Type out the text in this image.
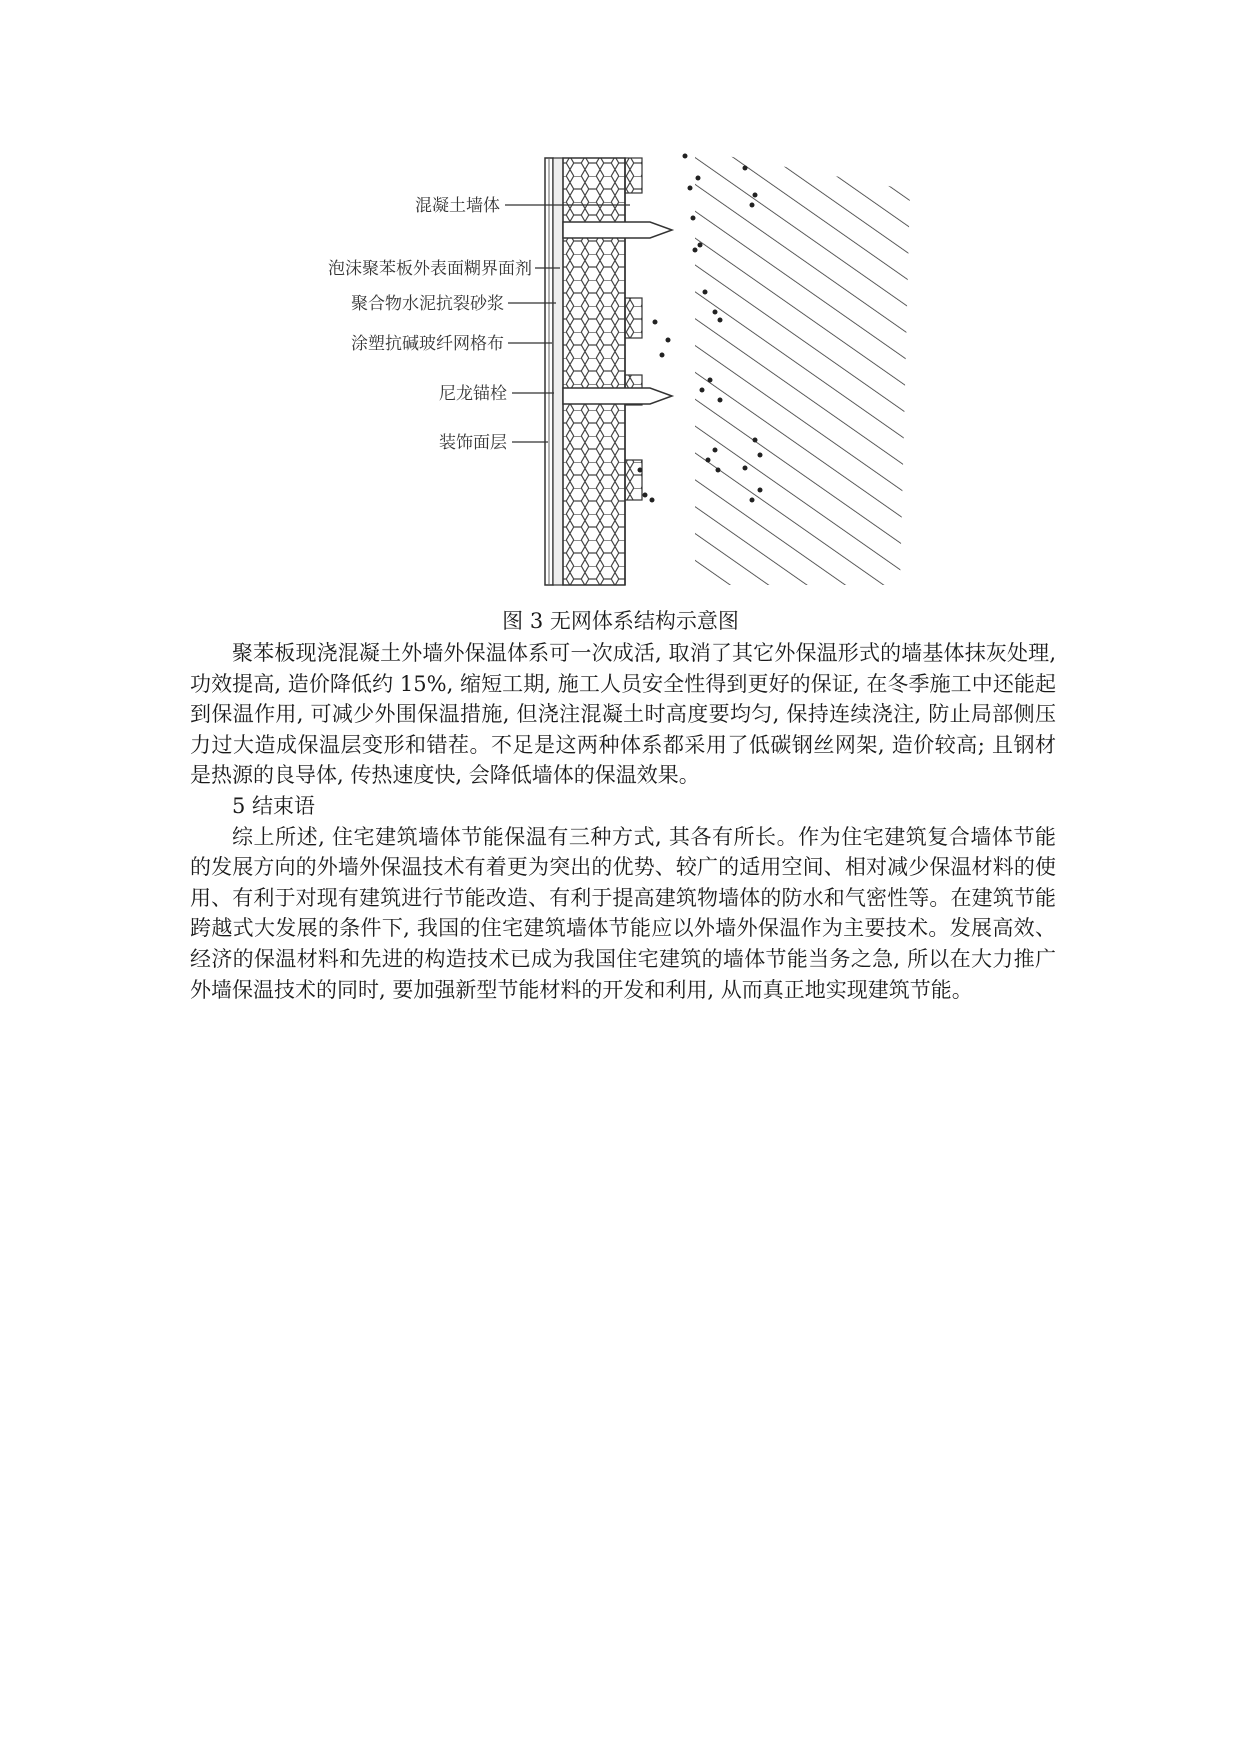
混凝土墙体
泡沫聚苯板外表面糊界面剂
聚合物水泥抗裂砂浆
涂塑抗碱玻纤网格布
尼龙锚栓
装饰面层

图 3 无网体系结构示意图

聚苯板现浇混凝土外墙外保温体系可一次成活, 取消了其它外保温形式的墙基体抹灰处理, 功效提高, 造价降低约 15%, 缩短工期, 施工人员安全性得到更好的保证, 在冬季施工中还能起到保温作用, 可减少外围保温措施, 但浇注混凝土时高度要均匀, 保持连续浇注, 防止局部侧压力过大造成保温层变形和错茬。不足是这两种体系都采用了低碳钢丝网架, 造价较高; 且钢材是热源的良导体, 传热速度快, 会降低墙体的保温效果。

5 结束语

综上所述, 住宅建筑墙体节能保温有三种方式, 其各有所长。作为住宅建筑复合墙体节能的发展方向的外墙外保温技术有着更为突出的优势、较广的适用空间、相对减少保温材料的使用、有利于对现有建筑进行节能改造、有利于提高建筑物墙体的防水和气密性等。在建筑节能跨越式大发展的条件下, 我国的住宅建筑墙体节能应以外墙外保温作为主要技术。发展高效、经济的保温材料和先进的构造技术已成为我国住宅建筑的墙体节能当务之急, 所以在大力推广外墙保温技术的同时, 要加强新型节能材料的开发和利用, 从而真正地实现建筑节能。
